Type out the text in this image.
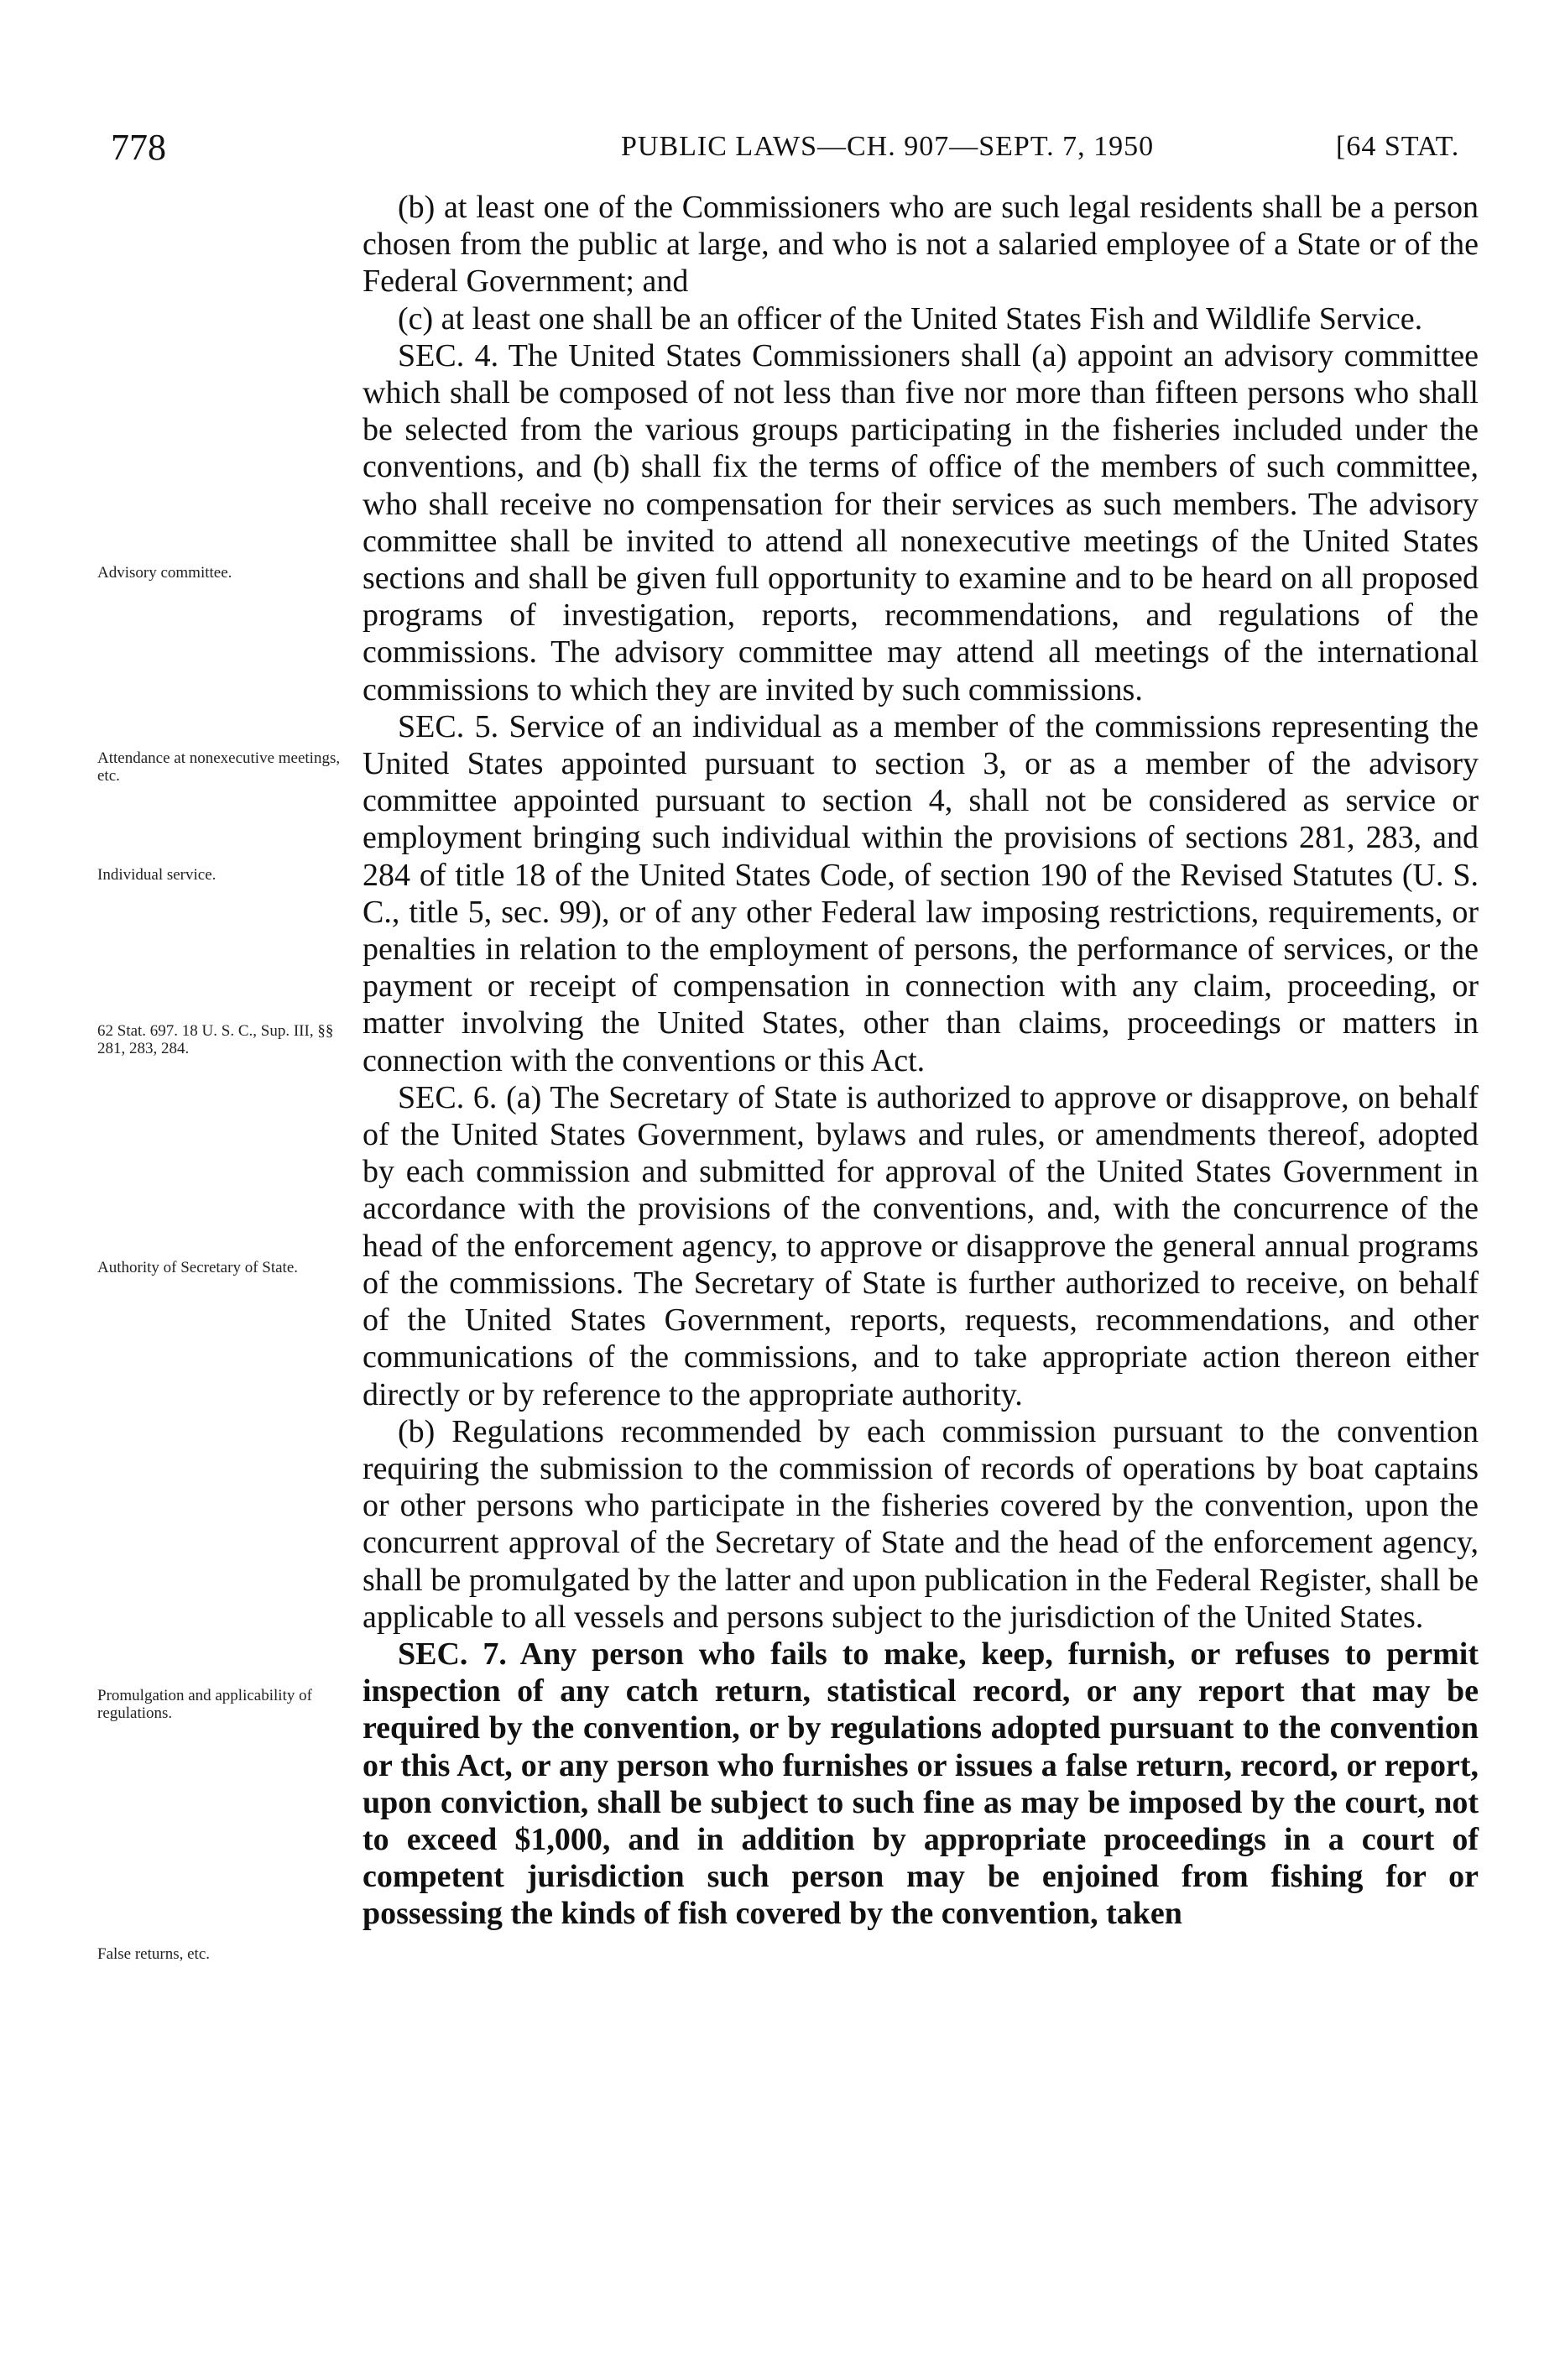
778	PUBLIC LAWS—CH. 907—SEPT. 7, 1950	[64 STAT.
Advisory committee.
Attendance at nonexecutive meetings, etc.
Individual service.
62 Stat. 697. 18 U. S. C., Sup. III, §§ 281, 283, 284.
Authority of Secretary of State.
Promulgation and applicability of regulations.
False returns, etc.

(b) at least one of the Commissioners who are such legal residents shall be a person chosen from the public at large, and who is not a salaried employee of a State or of the Federal Government; and

(c) at least one shall be an officer of the United States Fish and Wildlife Service.

SEC. 4. The United States Commissioners shall (a) appoint an advisory committee which shall be composed of not less than five nor more than fifteen persons who shall be selected from the various groups participating in the fisheries included under the conventions, and (b) shall fix the terms of office of the members of such committee, who shall receive no compensation for their services as such members. The advisory committee shall be invited to attend all nonexecutive meetings of the United States sections and shall be given full opportunity to examine and to be heard on all proposed programs of investigation, reports, recommendations, and regulations of the commissions. The advisory committee may attend all meetings of the international commissions to which they are invited by such commissions.

SEC. 5. Service of an individual as a member of the commissions representing the United States appointed pursuant to section 3, or as a member of the advisory committee appointed pursuant to section 4, shall not be considered as service or employment bringing such individual within the provisions of sections 281, 283, and 284 of title 18 of the United States Code, of section 190 of the Revised Statutes (U. S. C., title 5, sec. 99), or of any other Federal law imposing restrictions, requirements, or penalties in relation to the employment of persons, the performance of services, or the payment or receipt of compensation in connection with any claim, proceeding, or matter involving the United States, other than claims, proceedings or matters in connection with the conventions or this Act.

SEC. 6. (a) The Secretary of State is authorized to approve or disapprove, on behalf of the United States Government, bylaws and rules, or amendments thereof, adopted by each commission and submitted for approval of the United States Government in accordance with the provisions of the conventions, and, with the concurrence of the head of the enforcement agency, to approve or disapprove the general annual programs of the commissions. The Secretary of State is further authorized to receive, on behalf of the United States Government, reports, requests, recommendations, and other communications of the commissions, and to take appropriate action thereon either directly or by reference to the appropriate authority.

(b) Regulations recommended by each commission pursuant to the convention requiring the submission to the commission of records of operations by boat captains or other persons who participate in the fisheries covered by the convention, upon the concurrent approval of the Secretary of State and the head of the enforcement agency, shall be promulgated by the latter and upon publication in the Federal Register, shall be applicable to all vessels and persons subject to the jurisdiction of the United States.

SEC. 7. Any person who fails to make, keep, furnish, or refuses to permit inspection of any catch return, statistical record, or any report that may be required by the convention, or by regulations adopted pursuant to the convention or this Act, or any person who furnishes or issues a false return, record, or report, upon conviction, shall be subject to such fine as may be imposed by the court, not to exceed $1,000, and in addition by appropriate proceedings in a court of competent jurisdiction such person may be enjoined from fishing for or possessing the kinds of fish covered by the convention, taken
